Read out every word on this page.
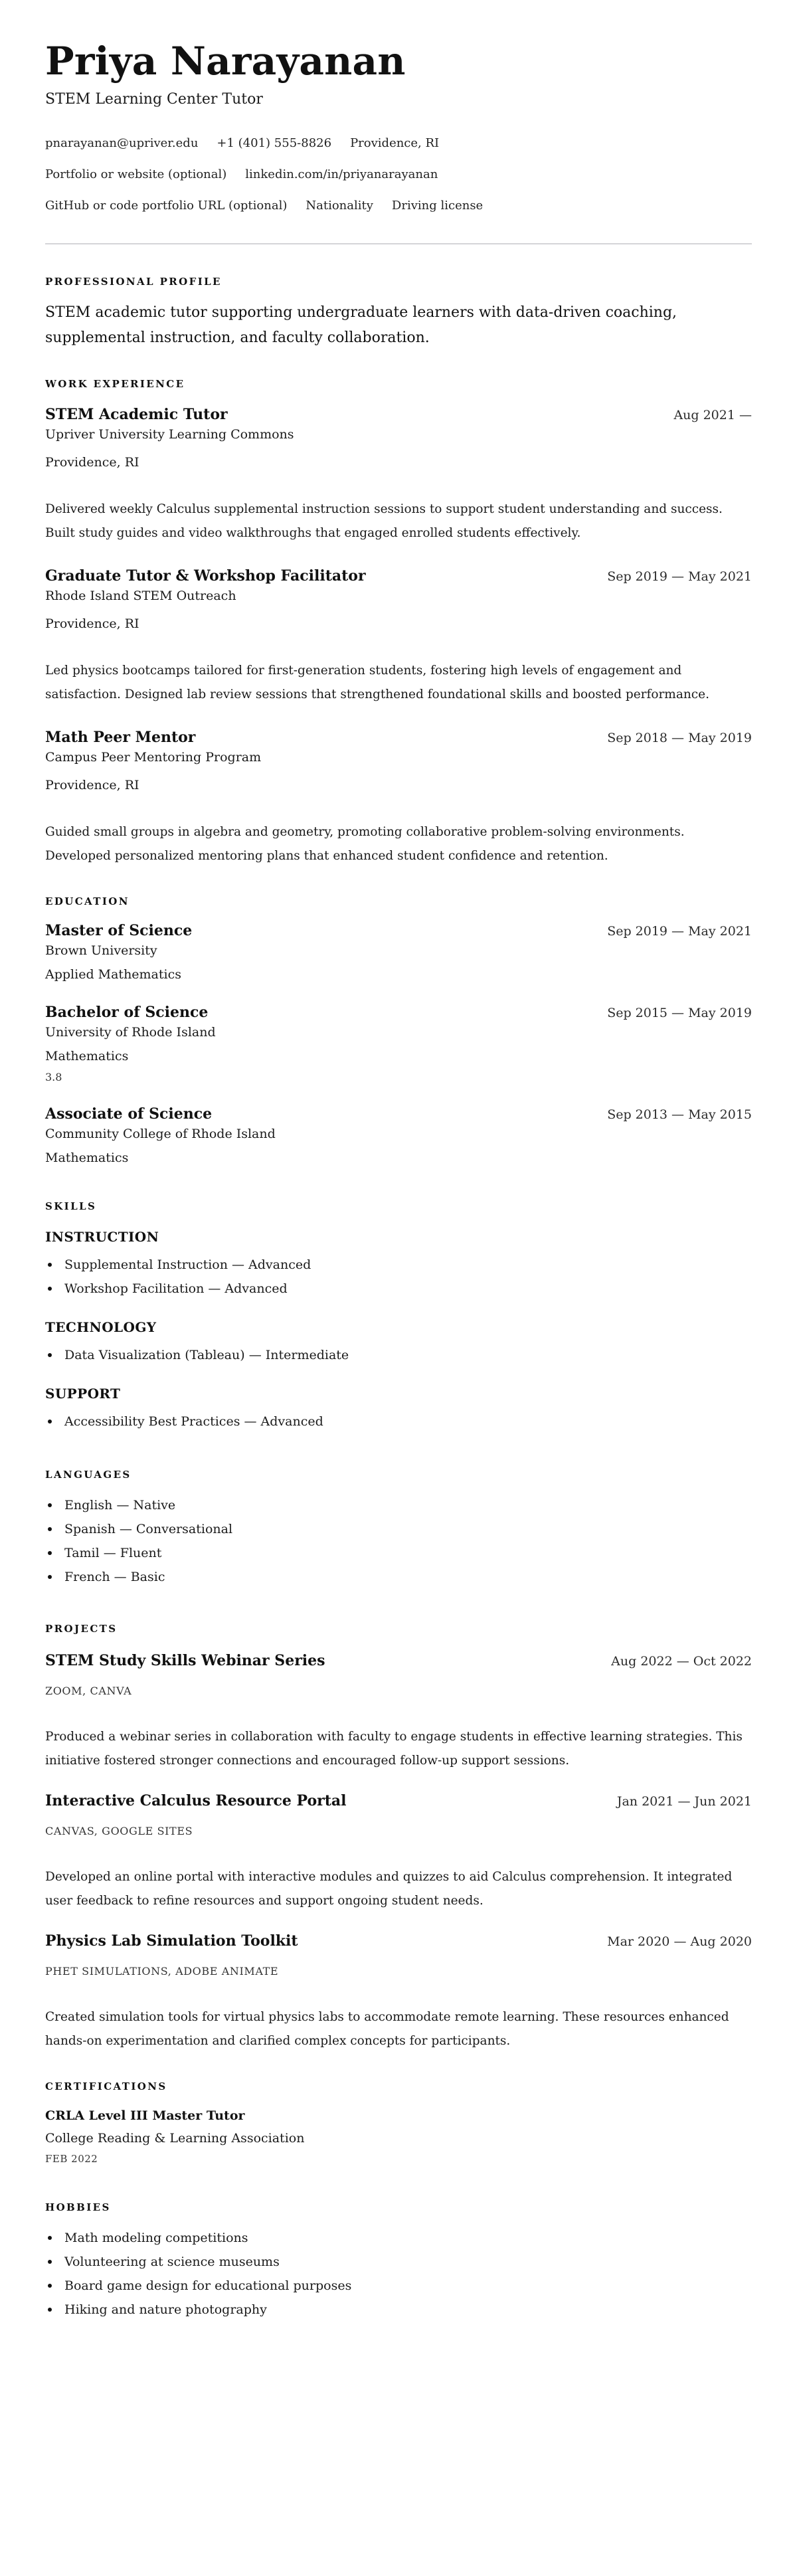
Priya Narayanan
STEM Learning Center Tutor
pnarayanan@upriver.edu +1 (401) 555-8826 Providence, RI
Portfolio or website (optional) linkedin.com/in/priyanarayanan
GitHub or code portfolio URL (optional) Nationality Driving license
PROFESSIONAL PROFILE

STEM academic tutor supporting undergraduate learners with data-driven coaching, supplemental instruction, and faculty collaboration.

WORK EXPERIENCE
STEM Academic Tutor	Aug 2021 —
Upriver University Learning Commons
Providence, RI

Delivered weekly Calculus supplemental instruction sessions to support student understanding and success. Built study guides and video walkthroughs that engaged enrolled students effectively.

Graduate Tutor & Workshop Facilitator	Sep 2019 — May 2021
Rhode Island STEM Outreach
Providence, RI

Led physics bootcamps tailored for first-generation students, fostering high levels of engagement and satisfaction. Designed lab review sessions that strengthened foundational skills and boosted performance.

Math Peer Mentor	Sep 2018 — May 2019
Campus Peer Mentoring Program
Providence, RI

Guided small groups in algebra and geometry, promoting collaborative problem-solving environments. Developed personalized mentoring plans that enhanced student confidence and retention.

EDUCATION
Master of Science	Sep 2019 — May 2021
Brown University
Applied Mathematics
Bachelor of Science	Sep 2015 — May 2019
University of Rhode Island
Mathematics
3.8
Associate of Science	Sep 2013 — May 2015
Community College of Rhode Island
Mathematics
SKILLS
INSTRUCTION
Supplemental Instruction — Advanced
Workshop Facilitation — Advanced
TECHNOLOGY
Data Visualization (Tableau) — Intermediate
SUPPORT
Accessibility Best Practices — Advanced
LANGUAGES
English — Native
Spanish — Conversational
Tamil — Fluent
French — Basic
PROJECTS
STEM Study Skills Webinar Series	Aug 2022 — Oct 2022
ZOOM, CANVA

Produced a webinar series in collaboration with faculty to engage students in effective learning strategies. This initiative fostered stronger connections and encouraged follow-up support sessions.

Interactive Calculus Resource Portal	Jan 2021 — Jun 2021
CANVAS, GOOGLE SITES

Developed an online portal with interactive modules and quizzes to aid Calculus comprehension. It integrated user feedback to refine resources and support ongoing student needs.

Physics Lab Simulation Toolkit	Mar 2020 — Aug 2020
PHET SIMULATIONS, ADOBE ANIMATE

Created simulation tools for virtual physics labs to accommodate remote learning. These resources enhanced hands-on experimentation and clarified complex concepts for participants.

CERTIFICATIONS
CRLA Level III Master Tutor
College Reading & Learning Association
FEB 2022
HOBBIES
Math modeling competitions
Volunteering at science museums
Board game design for educational purposes
Hiking and nature photography
